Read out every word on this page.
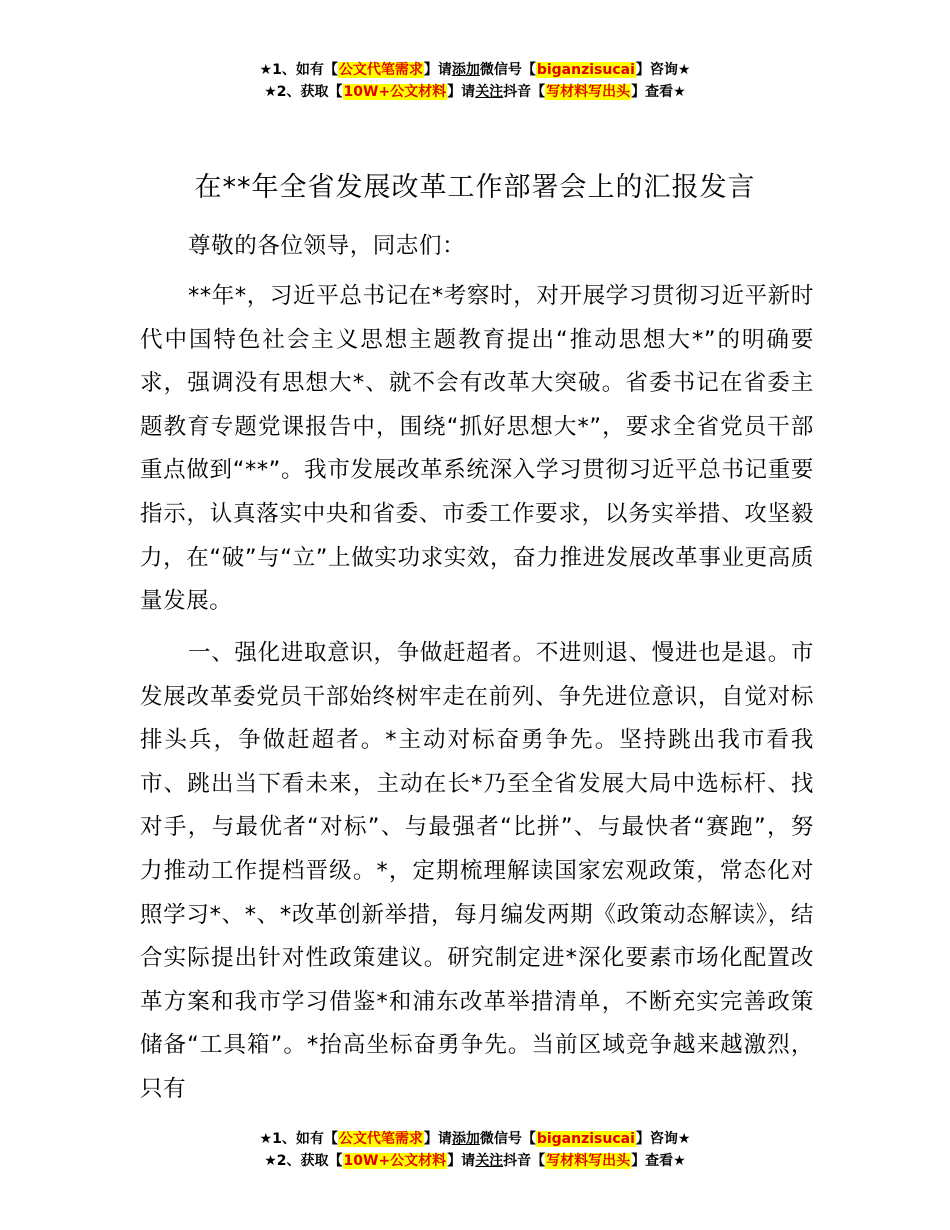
★1、如有【公文代笔需求】请添加微信号【biganzisucai】咨询★
★2、获取【10W+公文材料】请关注抖音【写材料写出头】查看★
在**年全省发展改革工作部署会上的汇报发言

尊敬的各位领导，同志们：

**年*，习近平总书记在*考察时，对开展学习贯彻习近平新时代中国特色社会主义思想主题教育提出“推动思想大*”的明确要求，强调没有思想大*、就不会有改革大突破。省委书记在省委主题教育专题党课报告中，围绕“抓好思想大*”，要求全省党员干部重点做到“**”。我市发展改革系统深入学习贯彻习近平总书记重要指示，认真落实中央和省委、市委工作要求，以务实举措、攻坚毅力，在“破”与“立”上做实功求实效，奋力推进发展改革事业更高质量发展。

一、强化进取意识，争做赶超者。不进则退、慢进也是退。市发展改革委党员干部始终树牢走在前列、争先进位意识，自觉对标排头兵，争做赶超者。*主动对标奋勇争先。坚持跳出我市看我市、跳出当下看未来，主动在长*乃至全省发展大局中选标杆、找对手，与最优者“对标”、与最强者“比拼”、与最快者“赛跑”，努力推动工作提档晋级。*，定期梳理解读国家宏观政策，常态化对照学习*、*、*改革创新举措，每月编发两期《政策动态解读》，结合实际提出针对性政策建议。研究制定进*深化要素市场化配置改革方案和我市学习借鉴*和浦东改革举措清单，不断充实完善政策储备“工具箱”。*抬高坐标奋勇争先。当前区域竞争越来越激烈，只有

★1、如有【公文代笔需求】请添加微信号【biganzisucai】咨询★
★2、获取【10W+公文材料】请关注抖音【写材料写出头】查看★
